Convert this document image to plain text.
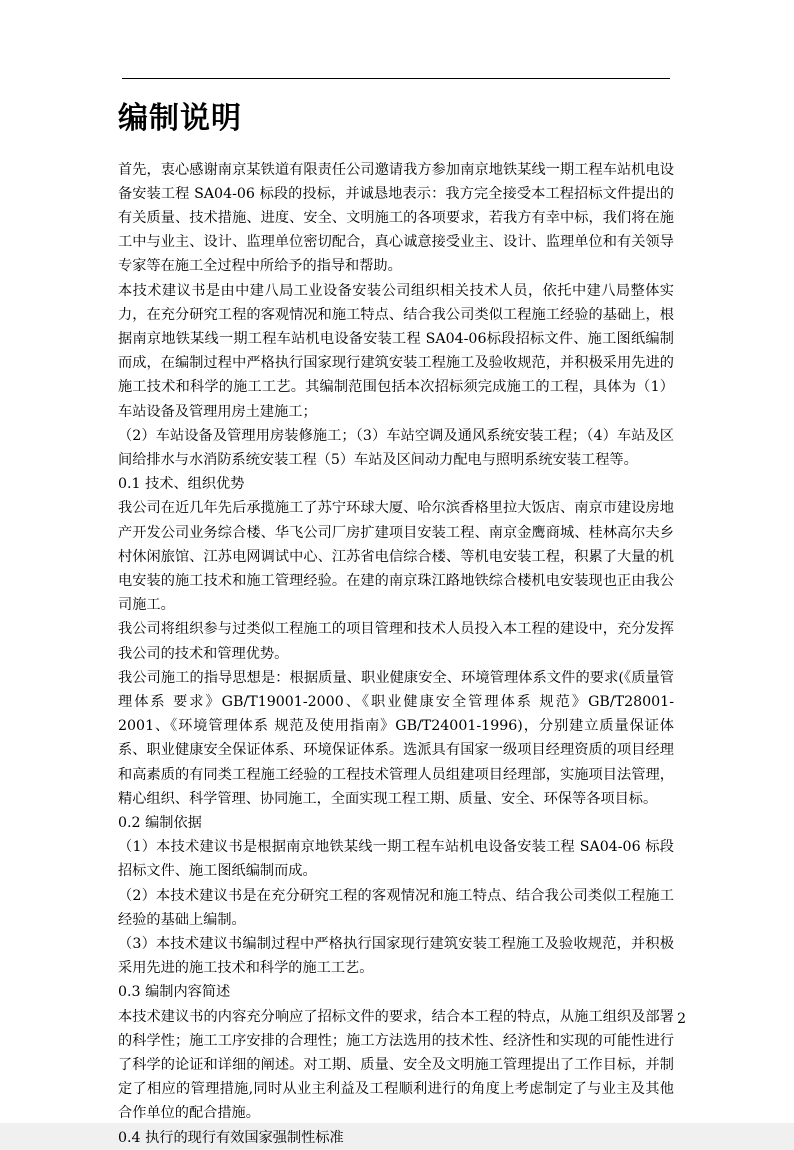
编制说明

首先，衷心感谢南京某铁道有限责任公司邀请我方参加南京地铁某线一期工程车站机电设备安装工程 SA04-06 标段的投标，并诚恳地表示：我方完全接受本工程招标文件提出的有关质量、技术措施、进度、安全、文明施工的各项要求，若我方有幸中标，我们将在施工中与业主、设计、监理单位密切配合，真心诚意接受业主、设计、监理单位和有关领导专家等在施工全过程中所给予的指导和帮助。

本技术建议书是由中建八局工业设备安装公司组织相关技术人员，依托中建八局整体实力，在充分研究工程的客观情况和施工特点、结合我公司类似工程施工经验的基础上，根据南京地铁某线一期工程车站机电设备安装工程 SA04-06标段招标文件、施工图纸编制而成，在编制过程中严格执行国家现行建筑安装工程施工及验收规范，并积极采用先进的施工技术和科学的施工工艺。其编制范围包括本次招标须完成施工的工程，具体为（1）车站设备及管理用房土建施工；

（2）车站设备及管理用房装修施工；（3）车站空调及通风系统安装工程；（4）车站及区间给排水与水消防系统安装工程（5）车站及区间动力配电与照明系统安装工程等。

0.1 技术、组织优势

我公司在近几年先后承揽施工了苏宁环球大厦、哈尔滨香格里拉大饭店、南京市建设房地产开发公司业务综合楼、华飞公司厂房扩建项目安装工程、南京金鹰商城、桂林高尔夫乡村休闲旅馆、江苏电网调试中心、江苏省电信综合楼、等机电安装工程，积累了大量的机电安装的施工技术和施工管理经验。在建的南京珠江路地铁综合楼机电安装现也正由我公司施工。

我公司将组织参与过类似工程施工的项目管理和技术人员投入本工程的建设中，充分发挥我公司的技术和管理优势。

我公司施工的指导思想是：根据质量、职业健康安全、环境管理体系文件的要求(《质量管理体系 要求》GB/T19001-2000、《职业健康安全管理体系 规范》GB/T28001-2001、《环境管理体系 规范及使用指南》GB/T24001-1996)，分别建立质量保证体系、职业健康安全保证体系、环境保证体系。选派具有国家一级项目经理资质的项目经理和高素质的有同类工程施工经验的工程技术管理人员组建项目经理部，实施项目法管理，精心组织、科学管理、协同施工，全面实现工程工期、质量、安全、环保等各项目标。

0.2 编制依据

（1）本技术建议书是根据南京地铁某线一期工程车站机电设备安装工程 SA04-06 标段招标文件、施工图纸编制而成。

（2）本技术建议书是在充分研究工程的客观情况和施工特点、结合我公司类似工程施工经验的基础上编制。

（3）本技术建议书编制过程中严格执行国家现行建筑安装工程施工及验收规范，并积极采用先进的施工技术和科学的施工工艺。

0.3 编制内容简述

本技术建议书的内容充分响应了招标文件的要求，结合本工程的特点，从施工组织及部署的科学性；施工工序安排的合理性；施工方法选用的技术性、经济性和实现的可能性进行了科学的论证和详细的阐述。对工期、质量、安全及文明施工管理提出了工作目标，并制定了相应的管理措施,同时从业主利益及工程顺利进行的角度上考虑制定了与业主及其他合作单位的配合措施。

0.4 执行的现行有效国家强制性标准

2
